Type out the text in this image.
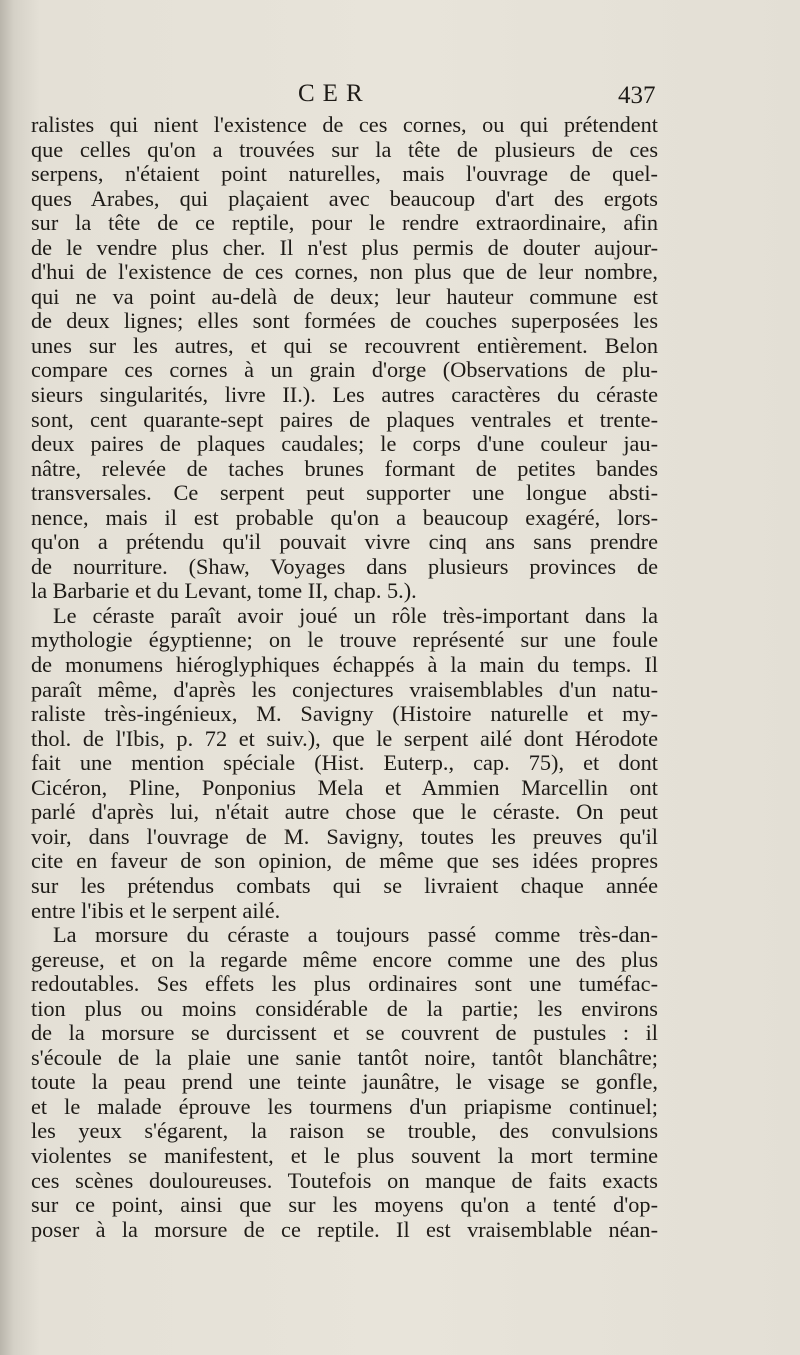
CER	437
ralistes qui nient l'existence de ces cornes, ou qui prétendent
que celles qu'on a trouvées sur la tête de plusieurs de ces
serpens, n'étaient point naturelles, mais l'ouvrage de quel-
ques Arabes, qui plaçaient avec beaucoup d'art des ergots
sur la tête de ce reptile, pour le rendre extraordinaire, afin
de le vendre plus cher. Il n'est plus permis de douter aujour-
d'hui de l'existence de ces cornes, non plus que de leur nombre,
qui ne va point au-delà de deux; leur hauteur commune est
de deux lignes; elles sont formées de couches superposées les
unes sur les autres, et qui se recouvrent entièrement. Belon
compare ces cornes à un grain d'orge (Observations de plu-
sieurs singularités, livre II.). Les autres caractères du céraste
sont, cent quarante-sept paires de plaques ventrales et trente-
deux paires de plaques caudales; le corps d'une couleur jau-
nâtre, relevée de taches brunes formant de petites bandes
transversales. Ce serpent peut supporter une longue absti-
nence, mais il est probable qu'on a beaucoup exagéré, lors-
qu'on a prétendu qu'il pouvait vivre cinq ans sans prendre
de nourriture. (Shaw, Voyages dans plusieurs provinces de
la Barbarie et du Levant, tome II, chap. 5.).
Le céraste paraît avoir joué un rôle très-important dans la
mythologie égyptienne; on le trouve représenté sur une foule
de monumens hiéroglyphiques échappés à la main du temps. Il
paraît même, d'après les conjectures vraisemblables d'un natu-
raliste très-ingénieux, M. Savigny (Histoire naturelle et my-
thol. de l'Ibis, p. 72 et suiv.), que le serpent ailé dont Hérodote
fait une mention spéciale (Hist. Euterp., cap. 75), et dont
Cicéron, Pline, Ponponius Mela et Ammien Marcellin ont
parlé d'après lui, n'était autre chose que le céraste. On peut
voir, dans l'ouvrage de M. Savigny, toutes les preuves qu'il
cite en faveur de son opinion, de même que ses idées propres
sur les prétendus combats qui se livraient chaque année
entre l'ibis et le serpent ailé.
La morsure du céraste a toujours passé comme très-dan-
gereuse, et on la regarde même encore comme une des plus
redoutables. Ses effets les plus ordinaires sont une tuméfac-
tion plus ou moins considérable de la partie; les environs
de la morsure se durcissent et se couvrent de pustules : il
s'écoule de la plaie une sanie tantôt noire, tantôt blanchâtre;
toute la peau prend une teinte jaunâtre, le visage se gonfle,
et le malade éprouve les tourmens d'un priapisme continuel;
les yeux s'égarent, la raison se trouble, des convulsions
violentes se manifestent, et le plus souvent la mort termine
ces scènes douloureuses. Toutefois on manque de faits exacts
sur ce point, ainsi que sur les moyens qu'on a tenté d'op-
poser à la morsure de ce reptile. Il est vraisemblable néan-
